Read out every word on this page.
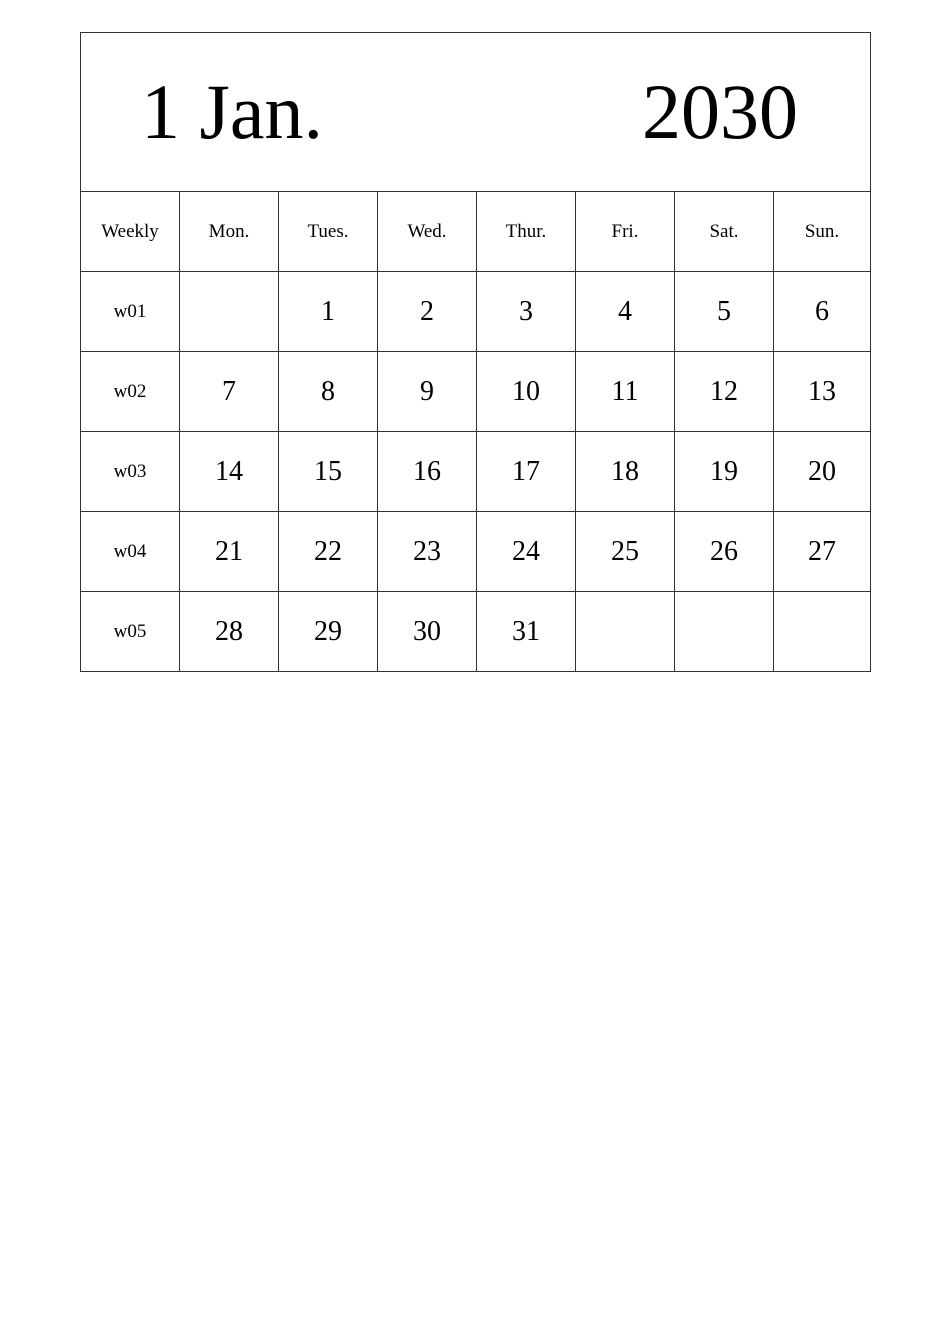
1 Jan. 2030							

Weekly	Mon.	Tues.	Wed.	Thur.	Fri.	Sat.	Sun.
w01		1	2	3	4	5	6
w02	7	8	9	10	11	12	13
w03	14	15	16	17	18	19	20
w04	21	22	23	24	25	26	27
w05	28	29	30	31			
